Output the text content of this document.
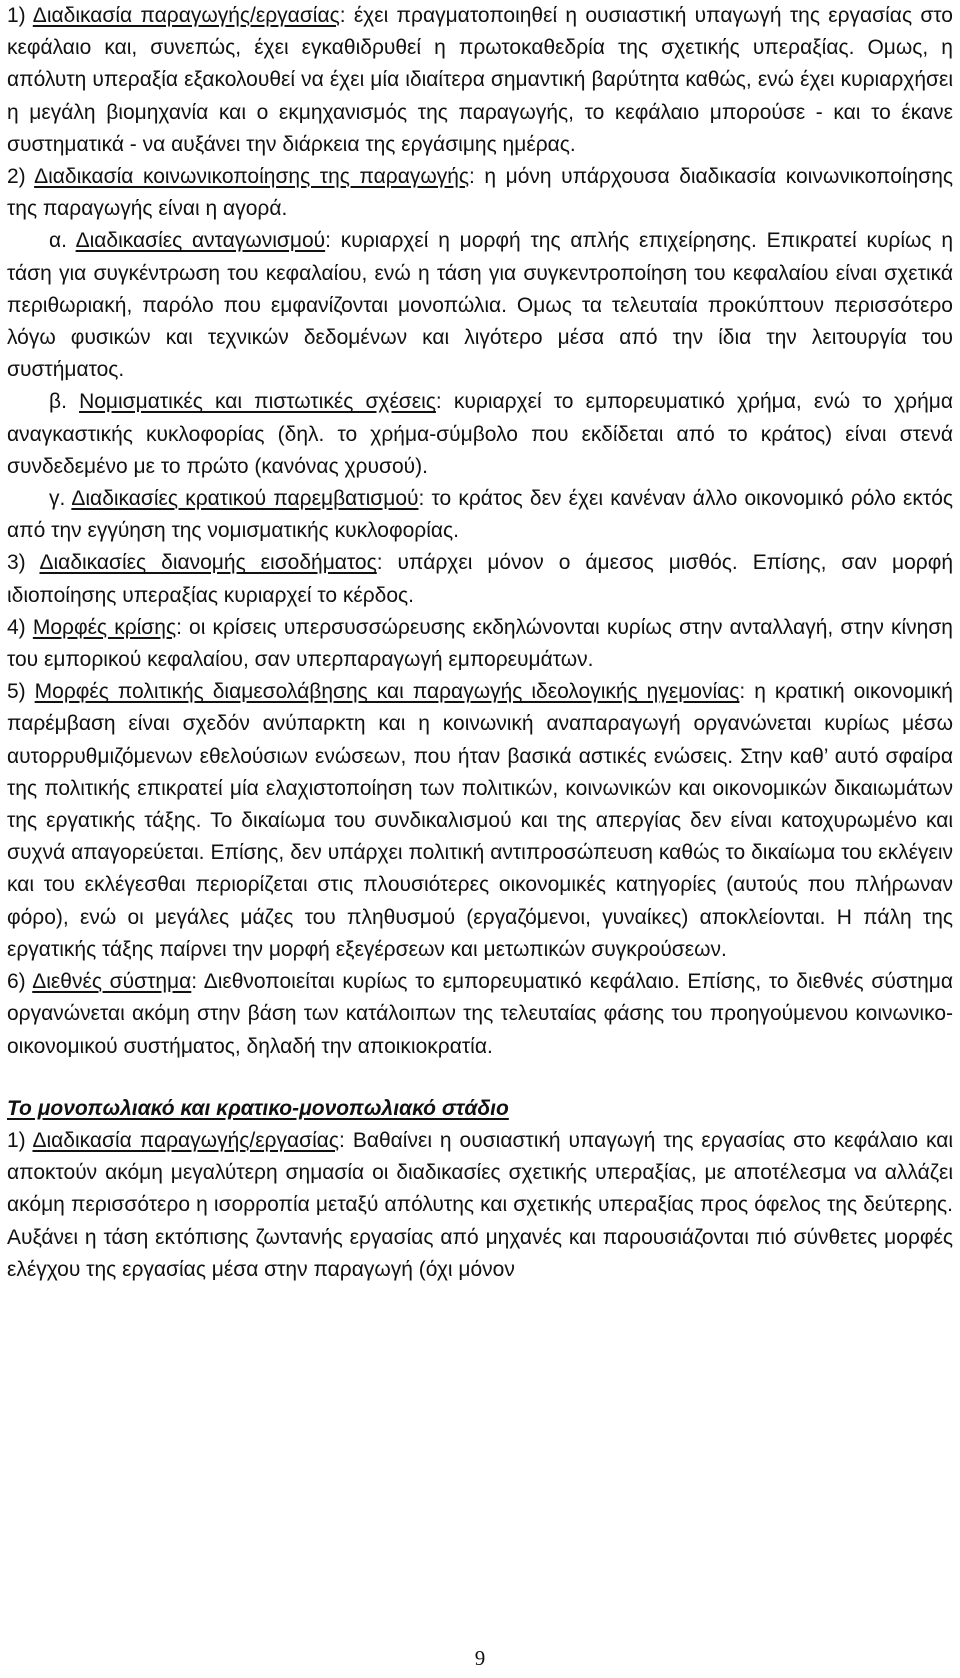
1) Διαδικασία παραγωγής/εργασίας: έχει πραγματοποιηθεί η ουσιαστική υπαγωγή της εργασίας στο κεφάλαιο και, συνεπώς, έχει εγκαθιδρυθεί η πρωτοκαθεδρία της σχετικής υπεραξίας. Ομως, η απόλυτη υπεραξία εξακολουθεί να έχει μία ιδιαίτερα σημαντική βαρύτητα καθώς, ενώ έχει κυριαρχήσει η μεγάλη βιομηχανία και ο εκμηχανισμός της παραγωγής, το κεφάλαιο μπορούσε - και το έκανε συστηματικά - να αυξάνει την διάρκεια της εργάσιμης ημέρας.

2) Διαδικασία κοινωνικοποίησης της παραγωγής: η μόνη υπάρχουσα διαδικασία κοινωνικοποίησης της παραγωγής είναι η αγορά.

  α. Διαδικασίες ανταγωνισμού: κυριαρχεί η μορφή της απλής επιχείρησης. Επικρατεί κυρίως η τάση για συγκέντρωση του κεφαλαίου, ενώ η τάση για συγκεντροποίηση του κεφαλαίου είναι σχετικά περιθωριακή, παρόλο που εμφανίζονται μονοπώλια. Ομως τα τελευταία προκύπτουν περισσότερο λόγω φυσικών και τεχνικών δεδομένων και λιγότερο μέσα από την ίδια την λειτουργία του συστήματος.

  β. Νομισματικές και πιστωτικές σχέσεις: κυριαρχεί το εμπορευματικό χρήμα, ενώ το χρήμα αναγκαστικής κυκλοφορίας (δηλ. το χρήμα-σύμβολο που εκδίδεται από το κράτος) είναι στενά συνδεδεμένο με το πρώτο (κανόνας χρυσού).

  γ. Διαδικασίες κρατικού παρεμβατισμού: το κράτος δεν έχει κανέναν άλλο οικονομικό ρόλο εκτός από την εγγύηση της νομισματικής κυκλοφορίας.

3) Διαδικασίες διανομής εισοδήματος: υπάρχει μόνον ο άμεσος μισθός. Επίσης, σαν μορφή ιδιοποίησης υπεραξίας κυριαρχεί το κέρδος.

4) Μορφές κρίσης: οι κρίσεις υπερσυσσώρευσης εκδηλώνονται κυρίως στην ανταλλαγή, στην κίνηση του εμπορικού κεφαλαίου, σαν υπερπαραγωγή εμπορευμάτων.

5) Μορφές πολιτικής διαμεσολάβησης και παραγωγής ιδεολογικής ηγεμονίας: η κρατική οικονομική παρέμβαση είναι σχεδόν ανύπαρκτη και η κοινωνική αναπαραγωγή οργανώνεται κυρίως μέσω αυτορρυθμιζόμενων εθελούσιων ενώσεων, που ήταν βασικά αστικές ενώσεις. Στην καθ’ αυτό σφαίρα της πολιτικής επικρατεί μία ελαχιστοποίηση των πολιτικών, κοινωνικών και οικονομικών δικαιωμάτων της εργατικής τάξης. Το δικαίωμα του συνδικαλισμού και της απεργίας δεν είναι κατοχυρωμένο και συχνά απαγορεύεται. Επίσης, δεν υπάρχει πολιτική αντιπροσώπευση καθώς το δικαίωμα του εκλέγειν και του εκλέγεσθαι περιορίζεται στις πλουσιότερες οικονομικές κατηγορίες (αυτούς που πλήρωναν φόρο), ενώ οι μεγάλες μάζες του πληθυσμού (εργαζόμενοι, γυναίκες) αποκλείονται. Η πάλη της εργατικής τάξης παίρνει την μορφή εξεγέρσεων και μετωπικών συγκρούσεων.

6) Διεθνές σύστημα: Διεθνοποιείται κυρίως το εμπορευματικό κεφάλαιο. Επίσης, το διεθνές σύστημα οργανώνεται ακόμη στην βάση των κατάλοιπων της τελευταίας φάσης του προηγούμενου κοινωνικο-οικονομικού συστήματος, δηλαδή την αποικιοκρατία.

Το μονοπωλιακό και κρατικο-μονοπωλιακό στάδιο

1) Διαδικασία παραγωγής/εργασίας: Βαθαίνει η ουσιαστική υπαγωγή της εργασίας στο κεφάλαιο και αποκτούν ακόμη μεγαλύτερη σημασία οι διαδικασίες σχετικής υπεραξίας, με αποτέλεσμα να αλλάζει ακόμη περισσότερο η ισορροπία μεταξύ απόλυτης και σχετικής υπεραξίας προς όφελος της δεύτερης. Αυξάνει η τάση εκτόπισης ζωντανής εργασίας από μηχανές και παρουσιάζονται πιό σύνθετες μορφές ελέγχου της εργασίας μέσα στην παραγωγή (όχι μόνον

9
